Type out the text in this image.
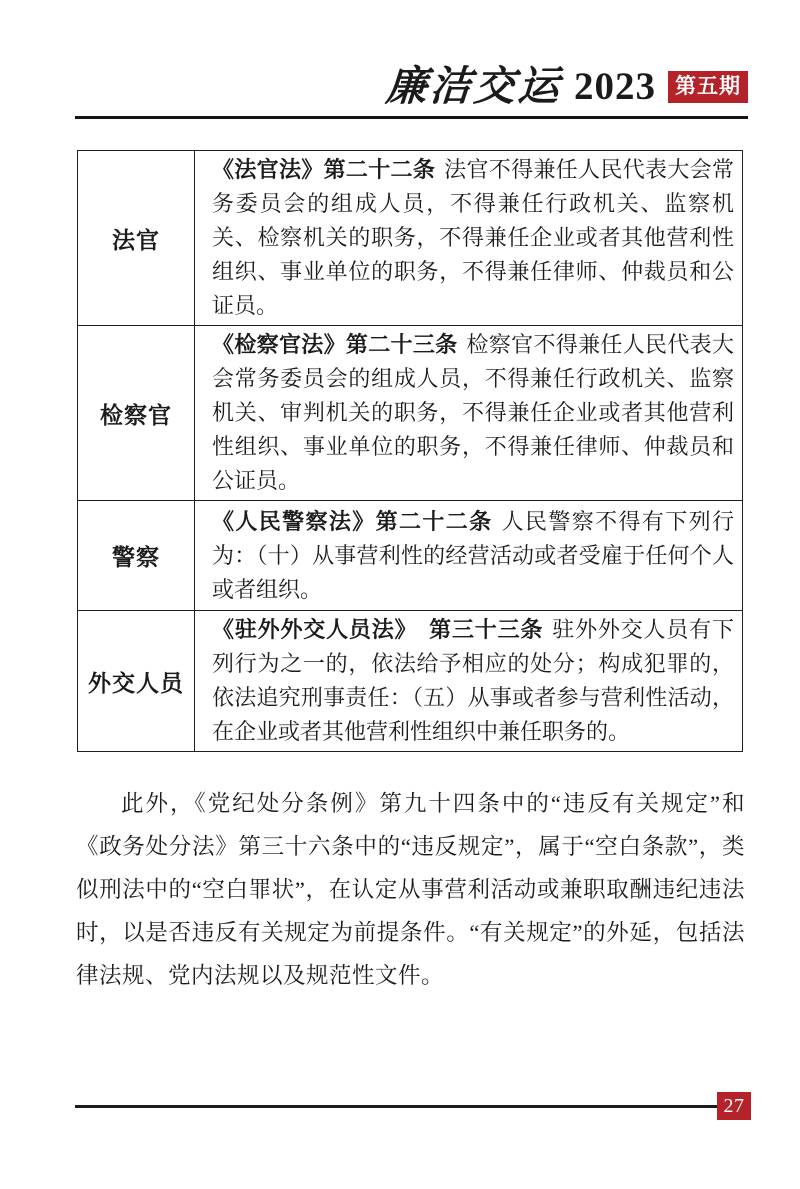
廉洁交运 2023 第五期
法官	《法官法》第二十二条 法官不得兼任人民代表大会常务委员会的组成人员，不得兼任行政机关、监察机关、检察机关的职务，不得兼任企业或者其他营利性组织、事业单位的职务，不得兼任律师、仲裁员和公证员。
检察官	《检察官法》第二十三条 检察官不得兼任人民代表大会常务委员会的组成人员，不得兼任行政机关、监察机关、审判机关的职务，不得兼任企业或者其他营利性组织、事业单位的职务，不得兼任律师、仲裁员和公证员。
警察	《人民警察法》第二十二条 人民警察不得有下列行为：（十）从事营利性的经营活动或者受雇于任何个人或者组织。
外交人员	《驻外外交人员法》　第三十三条 驻外外交人员有下列行为之一的，依法给予相应的处分；构成犯罪的，依法追究刑事责任：（五）从事或者参与营利性活动，在企业或者其他营利性组织中兼任职务的。

此外，《党纪处分条例》第九十四条中的“违反有关规定”和《政务处分法》第三十六条中的“违反规定”，属于“空白条款”，类似刑法中的“空白罪状”，在认定从事营利活动或兼职取酬违纪违法时，以是否违反有关规定为前提条件。“有关规定”的外延，包括法律法规、党内法规以及规范性文件。

27
